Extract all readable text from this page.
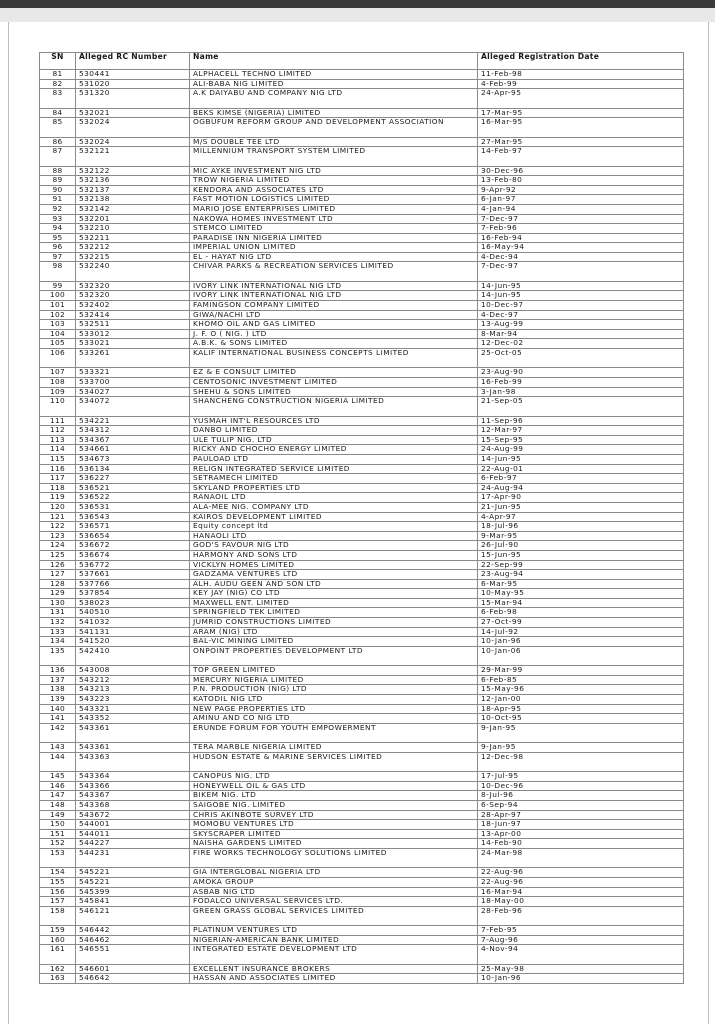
SN	Alleged RC Number	Name	Alleged Registration Date
81	530441	ALPHACELL TECHNO LIMITED	11-Feb-98
82	531020	ALI-BABA NIG LIMITED	4-Feb-99
83	531320	A.K DAIYABU AND COMPANY NIG LTD	24-Apr-95
84	532021	BEKS KIMSE (NIGERIA) LIMITED	17-Mar-95
85	532024	OGBUFUM REFORM GROUP AND DEVELOPMENT ASSOCIATION	16-Mar-95
86	532024	M/S DOUBLE TEE LTD	27-Mar-95
87	532121	MILLENNIUM TRANSPORT SYSTEM LIMITED	14-Feb-97
88	532122	MIC AYKE INVESTMENT NIG LTD	30-Dec-96
89	532136	TROW NIGERIA LIMITED	13-Feb-80
90	532137	KENDORA AND ASSOCIATES LTD	9-Apr-92
91	532138	FAST MOTION LOGISTICS LIMITED	6-Jan-97
92	532142	MARIO JOSE ENTERPRISES LIMITED	4-Jan-94
93	532201	NAKOWA HOMES INVESTMENT LTD	7-Dec-97
94	532210	STEMCO LIMITED	7-Feb-96
95	532211	PARADISE INN NIGERIA LIMITED	16-Feb-94
96	532212	IMPERIAL UNION LIMITED	16-May-94
97	532215	EL - HAYAT NIG LTD	4-Dec-94
98	532240	CHIVAR PARKS & RECREATION SERVICES LIMITED	7-Dec-97
99	532320	IVORY LINK INTERNATIONAL NIG LTD	14-Jun-95
100	532320	IVORY LINK INTERNATIONAL NIG LTD	14-Jun-95
101	532402	FAMINGSON COMPANY LIMITED	10-Dec-97
102	532414	GIWA/NACHI LTD	4-Dec-97
103	532511	KHOMO OIL AND GAS LIMITED	13-Aug-99
104	533012	J. F. O ( NIG. ) LTD	8-Mar-94
105	533021	A.B.K. & SONS LIMITED	12-Dec-02
106	533261	KALIF INTERNATIONAL BUSINESS CONCEPTS LIMITED	25-Oct-05
107	533321	EZ & E CONSULT LIMITED	23-Aug-90
108	533700	CENTOSONIC INVESTMENT LIMITED	16-Feb-99
109	534027	SHEHU & SONS LIMITED	3-Jan-98
110	534072	SHANCHENG CONSTRUCTION NIGERIA LIMITED	21-Sep-05
111	534221	YUSMAH INT'L RESOURCES LTD	11-Sep-96
112	534312	DANBO LIMITED	12-Mar-97
113	534367	ULE TULIP NIG. LTD	15-Sep-95
114	534661	RICKY AND CHOCHO ENERGY LIMITED	24-Aug-99
115	534673	PAULOAD LTD	14-Jun-95
116	536134	RELIGN INTEGRATED SERVICE LIMITED	22-Aug-01
117	536227	SETRAMECH LIMITED	6-Feb-97
118	536521	SKYLAND PROPERTIES LTD	24-Aug-94
119	536522	RANAOIL LTD	17-Apr-90
120	536531	ALA-MEE NIG. COMPANY LTD	21-Jun-95
121	536543	KAIROS DEVELOPMENT LIMITED	4-Apr-97
122	536571	Equity concept ltd	18-Jul-96
123	536654	HANAOLI LTD	9-Mar-95
124	536672	GOD'S FAVOUR NIG LTD	26-Jul-90
125	536674	HARMONY AND SONS LTD	15-Jun-95
126	536772	VICKLYN HOMES LIMITED	22-Sep-99
127	537661	GADZAMA VENTURES LTD	23-Aug-94
128	537766	ALH. AUDU GEEN AND SON LTD	6-Mar-95
129	537854	KEY JAY (NIG) CO LTD	10-May-95
130	538023	MAXWELL ENT. LIMITED	15-Mar-94
131	540510	SPRINGFIELD TEK LIMITED	6-Feb-98
132	541032	JUMRID CONSTRUCTIONS LIMITED	27-Oct-99
133	541131	ARAM (NIG) LTD	14-Jul-92
134	541520	BAL-VIC MINING LIMITED	10-Jan-96
135	542410	ONPOINT PROPERTIES DEVELOPMENT LTD	10-Jan-06
136	543008	TOP GREEN LIMITED	29-Mar-99
137	543212	MERCURY NIGERIA LIMITED	6-Feb-85
138	543213	P.N. PRODUCTION (NIG) LTD	15-May-96
139	543223	KATODIL NIG LTD	12-Jan-00
140	543321	NEW PAGE PROPERTIES LTD	18-Apr-95
141	543352	AMINU AND CO NIG LTD	10-Oct-95
142	543361	ERUNDE FORUM FOR YOUTH EMPOWERMENT	9-Jan-95
143	543361	TERA MARBLE NIGERIA LIMITED	9-Jan-95
144	543363	HUDSON ESTATE & MARINE SERVICES LIMITED	12-Dec-98
145	543364	CANOPUS NIG. LTD	17-Jul-95
146	543366	HONEYWELL OIL & GAS LTD	10-Dec-96
147	543367	BIKEM NIG. LTD	8-Jul-96
148	543368	SAIGOBE NIG. LIMITED	6-Sep-94
149	543672	CHRIS AKINBOTE SURVEY LTD	28-Apr-97
150	544001	MOMOBU VENTURES LTD	18-Jun-97
151	544011	SKYSCRAPER LIMITED	13-Apr-00
152	544227	NAISHA GARDENS LIMITED	14-Feb-90
153	544231	FIRE WORKS TECHNOLOGY SOLUTIONS LIMITED	24-Mar-98
154	545221	GIA INTERGLOBAL NIGERIA LTD	22-Aug-96
155	545221	AMOKA GROUP	22-Aug-96
156	545399	ASBAB NIG LTD	16-Mar-94
157	545841	FODALCO UNIVERSAL SERVICES LTD.	18-May-00
158	546121	GREEN GRASS GLOBAL SERVICES LIMITED	28-Feb-96
159	546442	PLATINUM VENTURES LTD	7-Feb-95
160	546462	NIGERIAN-AMERICAN BANK LIMITED	7-Aug-96
161	546551	INTEGRATED ESTATE DEVELOPMENT LTD	4-Nov-94
162	546601	EXCELLENT INSURANCE BROKERS	25-May-98
163	546642	HASSAN AND ASSOCIATES LIMITED	10-Jan-96
